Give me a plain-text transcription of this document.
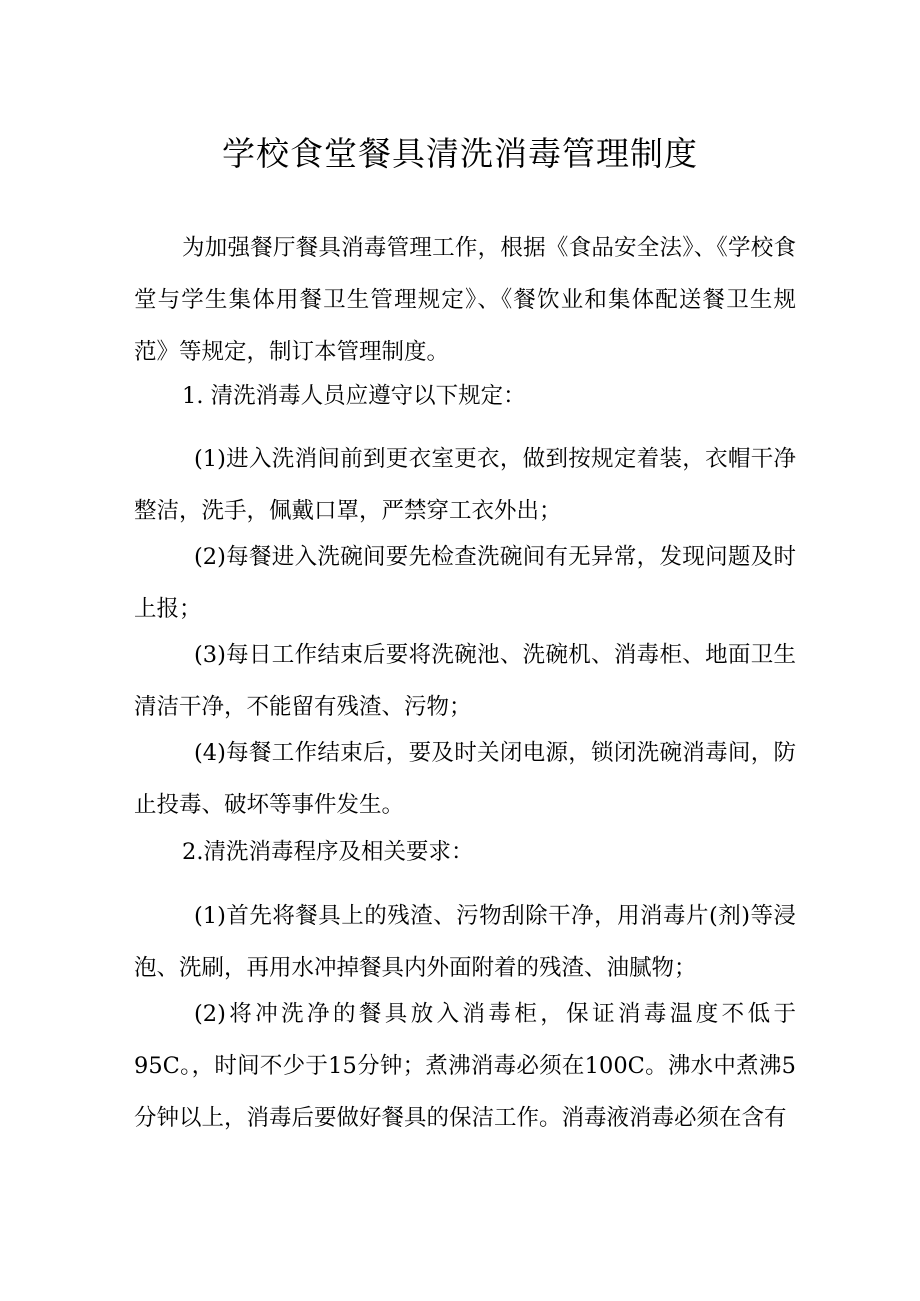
学校食堂餐具清洗消毒管理制度
为加强餐厅餐具消毒管理工作，根据《食品安全法》、《学校食堂与学生集体用餐卫生管理规定》、《餐饮业和集体配送餐卫生规范》等规定，制订本管理制度。
1. 清洗消毒人员应遵守以下规定：
(1)进入洗消间前到更衣室更衣，做到按规定着装，衣帽干净整洁，洗手，佩戴口罩，严禁穿工衣外出；
(2)每餐进入洗碗间要先检查洗碗间有无异常，发现问题及时上报；
(3)每日工作结束后要将洗碗池、洗碗机、消毒柜、地面卫生清洁干净，不能留有残渣、污物；
(4)每餐工作结束后，要及时关闭电源，锁闭洗碗消毒间，防止投毒、破坏等事件发生。
2.清洗消毒程序及相关要求：
(1)首先将餐具上的残渣、污物刮除干净，用消毒片(剂)等浸泡、洗刷，再用水冲掉餐具内外面附着的残渣、油腻物；
(2)将冲洗净的餐具放入消毒柜，保证消毒温度不低于95C。，时间不少于15分钟；煮沸消毒必须在100C。沸水中煮沸5分钟以上，消毒后要做好餐具的保洁工作。消毒液消毒必须在含有
